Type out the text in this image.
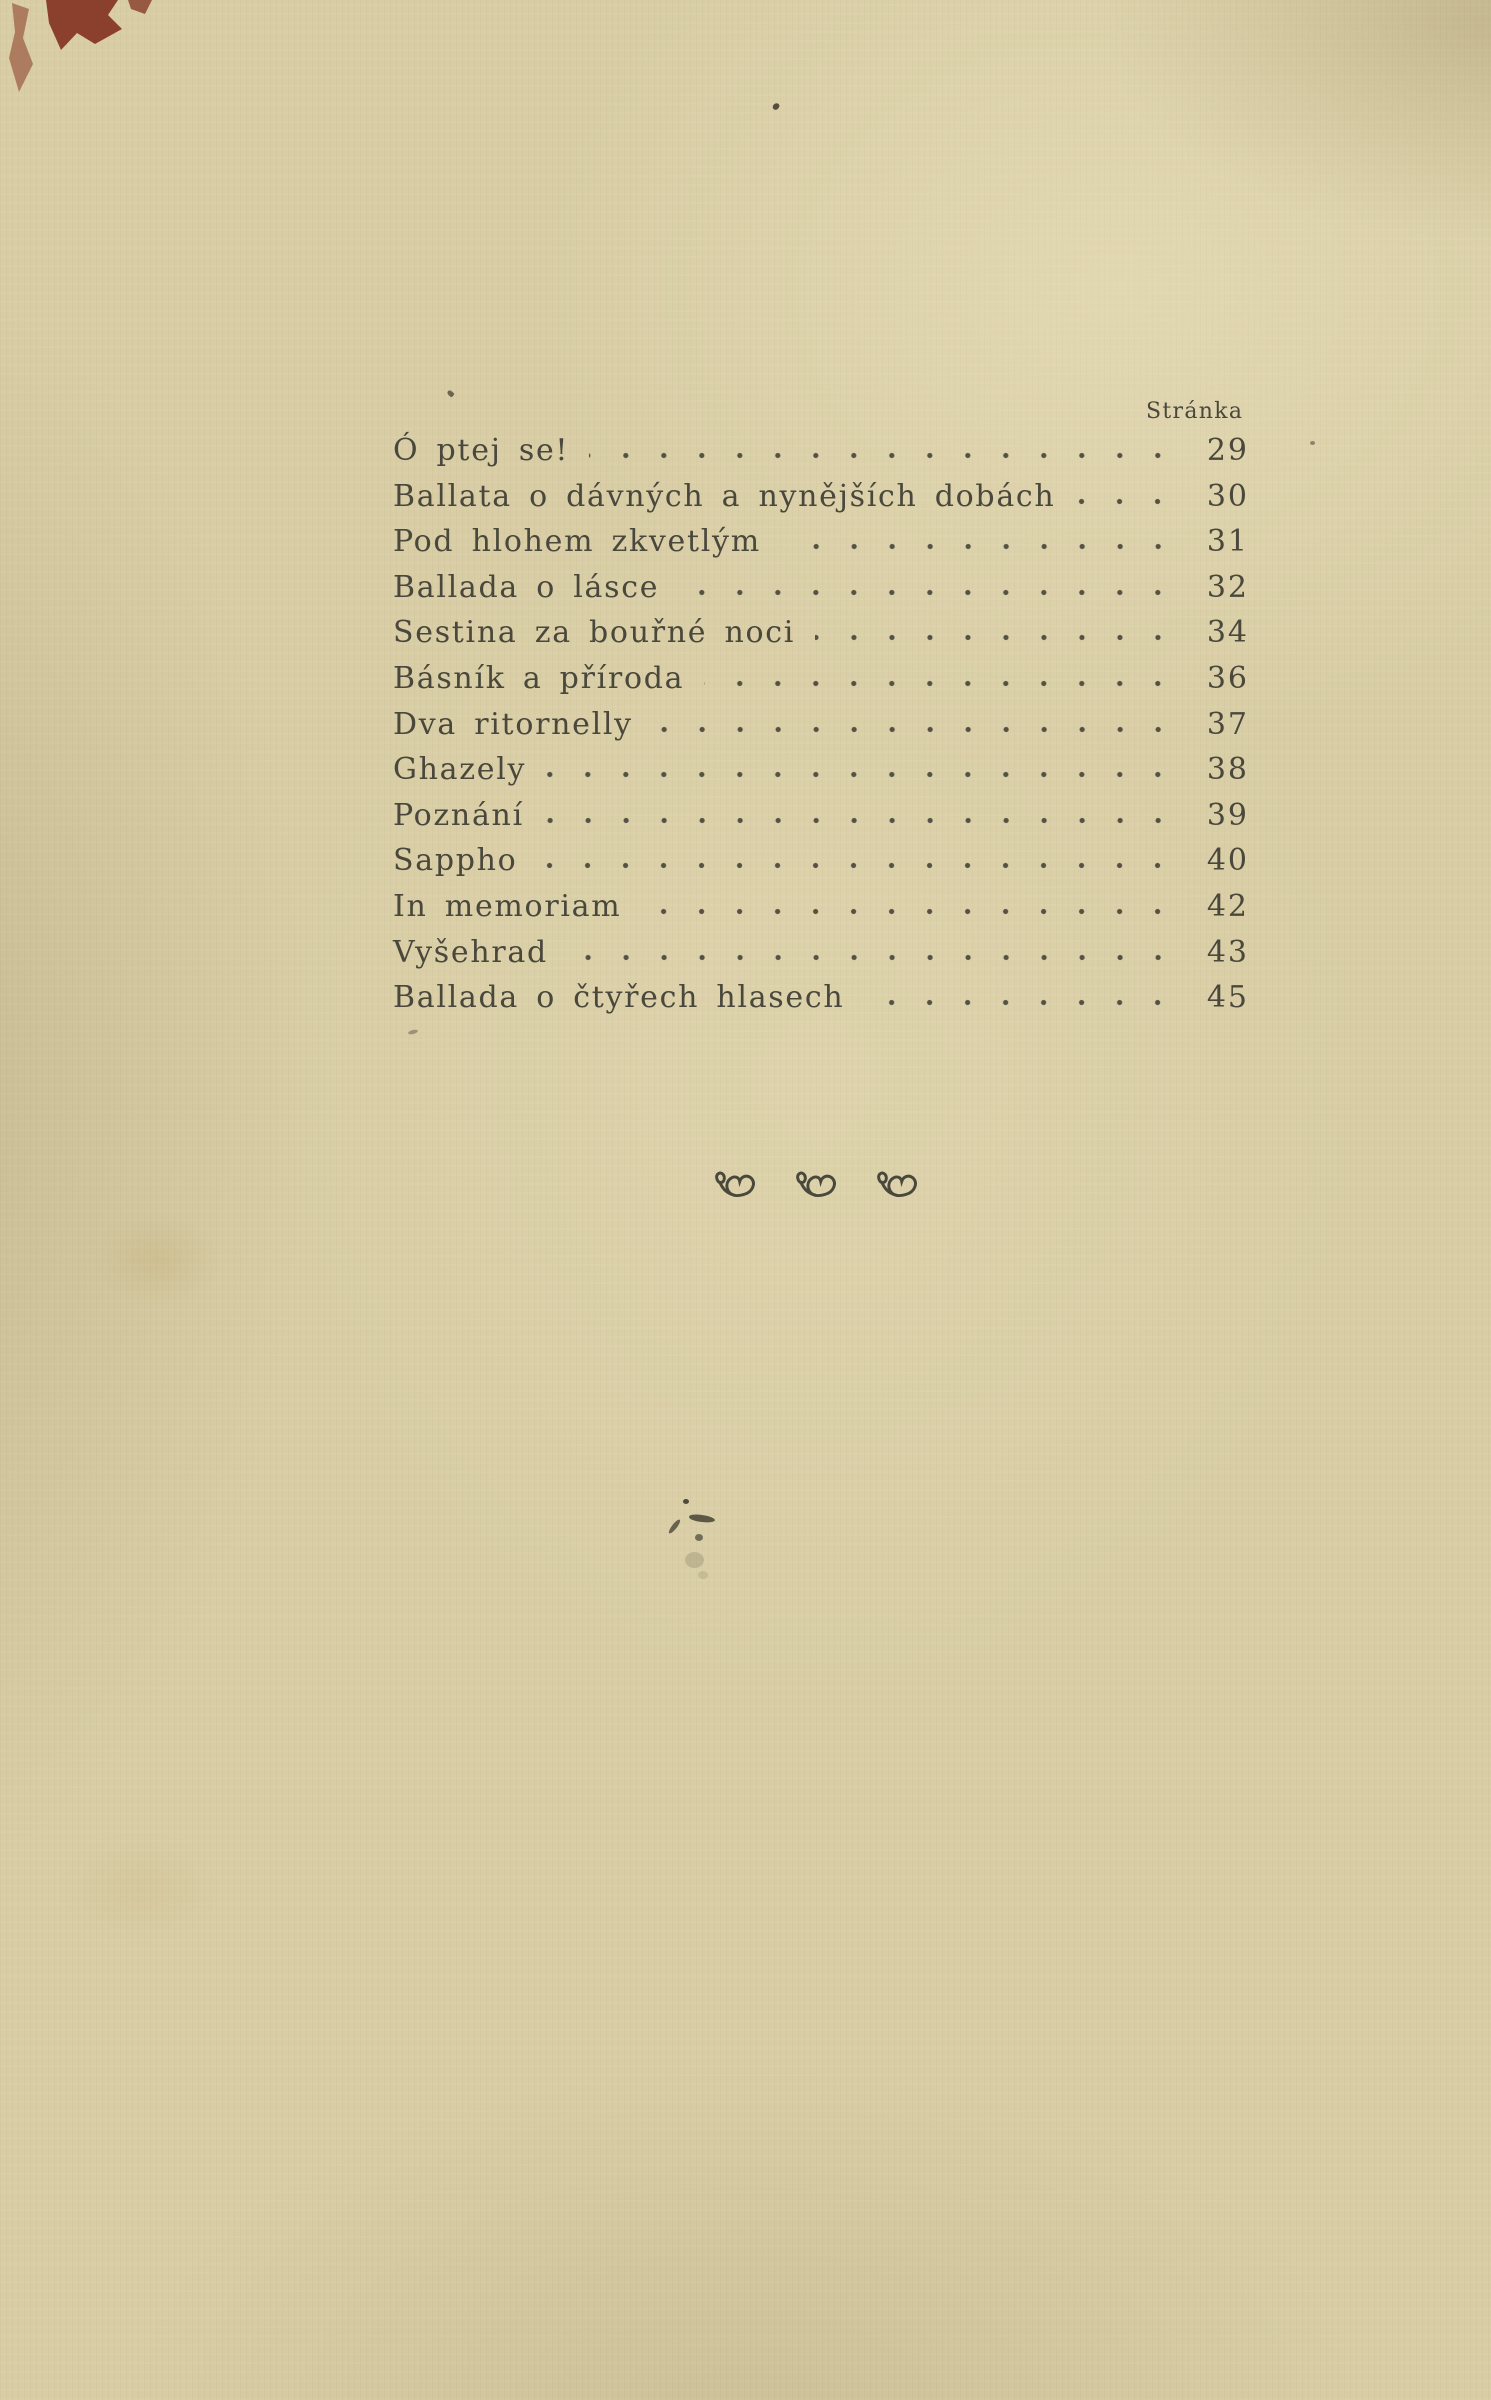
Stránka
Ó ptej se!	29
Ballata o dávných a nynějších dobách	30
Pod hlohem zkvetlým	31
Ballada o lásce	32
Sestina za bouřné noci	34
Básník a příroda	36
Dva ritornelly	37
Ghazely	38
Poznání	39
Sappho	40
In memoriam	42
Vyšehrad	43
Ballada o čtyřech hlasech	45
